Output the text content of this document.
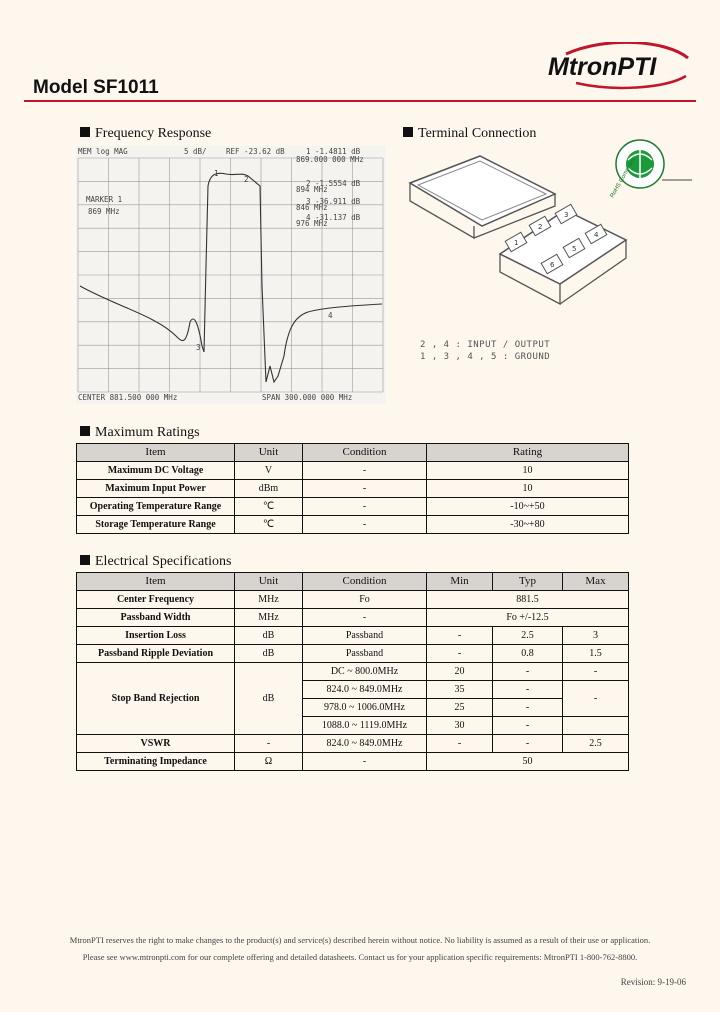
Model SF1011
MtronPTI
Frequency Response	Terminal Connection
MEM log MAG	5 dB/	REF -23.62 dB	1 -1.4811 dB
869.000 000 MHz
2 -1.5554 dB
894 MHz
3 -36.911 dB
846 MHz
4 -31.137 dB
976 MHz
MARKER 1
869 MHz
1
2
3
4
CENTER 881.500 000 MHz	SPAN 300.000 000 MHz
RoHS Compliant
1
2
3
4
5
6
2 , 4 : INPUT / OUTPUT
1 , 3 , 4 , 5 : GROUND
Maximum Ratings
Item	Unit	Condition	Rating
Maximum DC Voltage	V	-	10
Maximum Input Power	dBm	-	10
Operating Temperature Range	℃	-	-10~+50
Storage Temperature Range	℃	-	-30~+80
Electrical Specifications
Item	Unit	Condition	Min	Typ	Max
Center Frequency	MHz	Fo	881.5		
Passband Width	MHz	-	Fo +/-12.5		
Insertion Loss	dB	Passband	-	2.5	3
Passband Ripple Deviation	dB	Passband	-	0.8	1.5
Stop Band Rejection	dB	DC ~ 800.0MHz	20	-	-
		824.0 ~ 849.0MHz	35	-	-
		978.0 ~ 1006.0MHz	25	-	
		1088.0 ~ 1119.0MHz	30	-	
VSWR	-	824.0 ~ 849.0MHz	-	-	2.5
Terminating Impedance	Ω	-	50		
MtronPTI reserves the right to make changes to the product(s) and service(s) described herein without notice. No liability is assumed as a result of their use or application.
Please see www.mtronpti.com for our complete offering and detailed datasheets. Contact us for your application specific requirements: MtronPTI 1-800-762-8800.
Revision: 9-19-06
